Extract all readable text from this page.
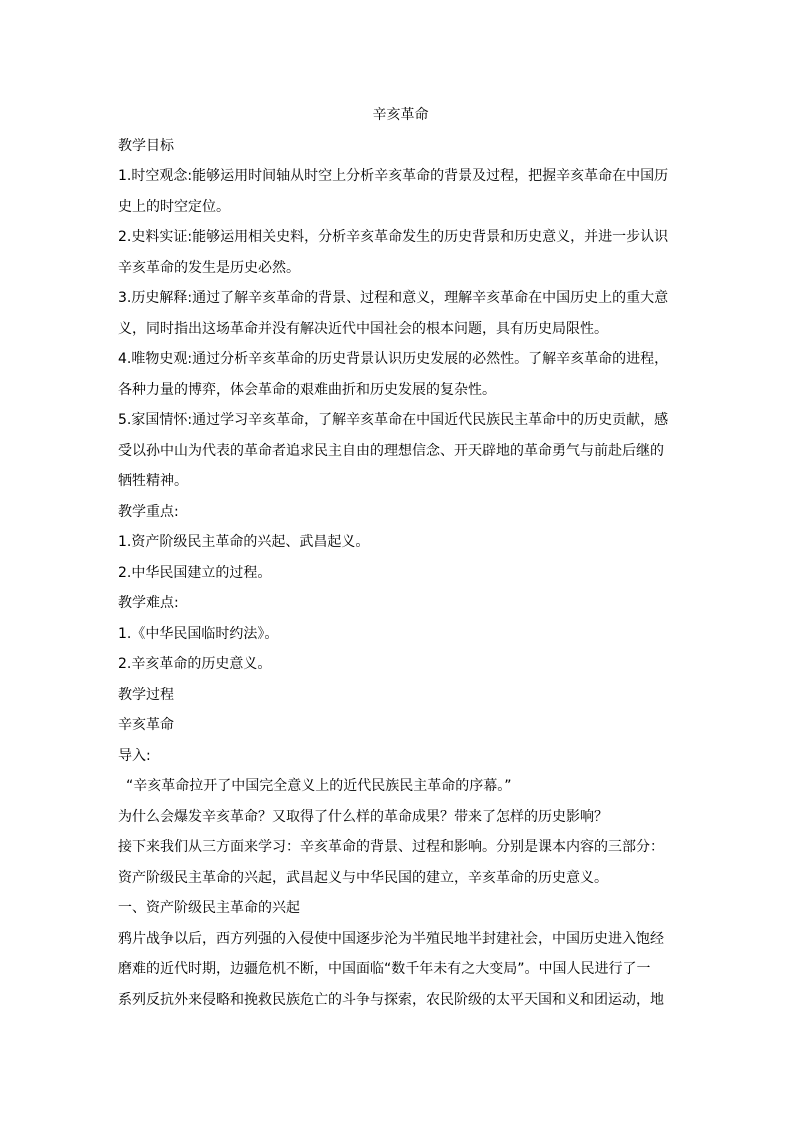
辛亥革命
教学目标
1.时空观念:能够运用时间轴从时空上分析辛亥革命的背景及过程，把握辛亥革命在中国历
史上的时空定位。
2.史料实证:能够运用相关史料，分析辛亥革命发生的历史背景和历史意义，并进一步认识
辛亥革命的发生是历史必然。
3.历史解释:通过了解辛亥革命的背景、过程和意义，理解辛亥革命在中国历史上的重大意
义，同时指出这场革命并没有解决近代中国社会的根本问题，具有历史局限性。
4.唯物史观:通过分析辛亥革命的历史背景认识历史发展的必然性。了解辛亥革命的进程，
各种力量的博弈，体会革命的艰难曲折和历史发展的复杂性。
5.家国情怀:通过学习辛亥革命，了解辛亥革命在中国近代民族民主革命中的历史贡献，感
受以孙中山为代表的革命者追求民主自由的理想信念、开天辟地的革命勇气与前赴后继的
牺牲精神。
教学重点:
1.资产阶级民主革命的兴起、武昌起义。
2.中华民国建立的过程。
教学难点:
1.《中华民国临时约法》。
2.辛亥革命的历史意义。
教学过程
辛亥革命
导入:
“辛亥革命拉开了中国完全意义上的近代民族民主革命的序幕。”
为什么会爆发辛亥革命？又取得了什么样的革命成果？带来了怎样的历史影响？
接下来我们从三方面来学习：辛亥革命的背景、过程和影响。分别是课本内容的三部分：
资产阶级民主革命的兴起，武昌起义与中华民国的建立，辛亥革命的历史意义。
一、资产阶级民主革命的兴起
鸦片战争以后，西方列强的入侵使中国逐步沦为半殖民地半封建社会，中国历史进入饱经
磨难的近代时期，边疆危机不断，中国面临“数千年未有之大变局”。中国人民进行了一
系列反抗外来侵略和挽救民族危亡的斗争与探索，农民阶级的太平天国和义和团运动，地
